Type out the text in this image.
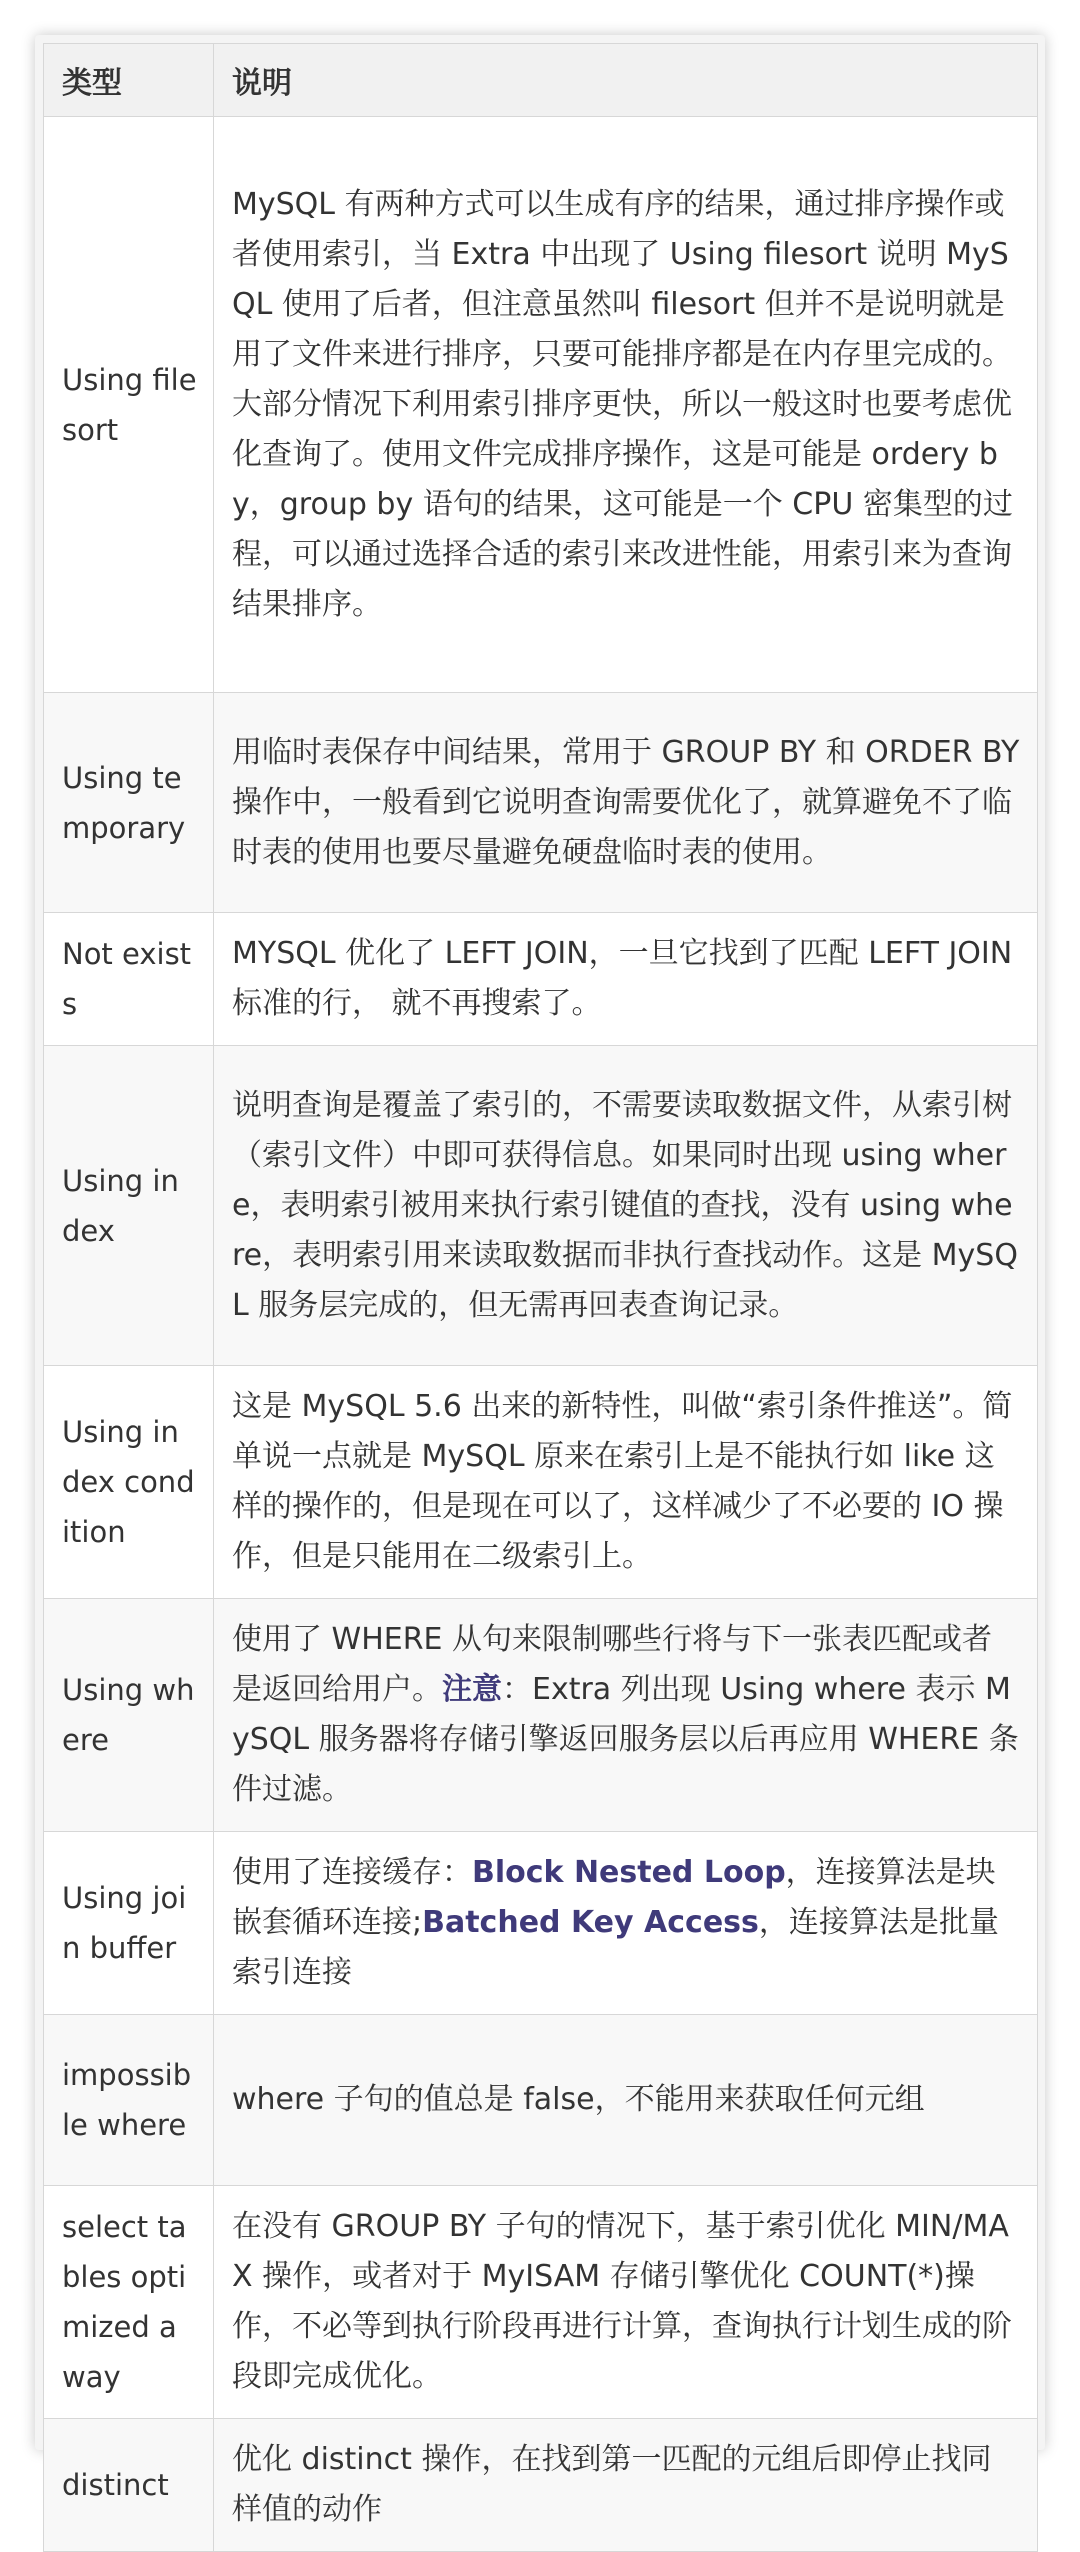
类型	说明
Using filesort	MySQL 有两种方式可以生成有序的结果，通过排序操作或者使用索引，当 Extra 中出现了 Using filesort 说明 MySQL 使用了后者，但注意虽然叫 filesort 但并不是说明就是用了文件来进行排序，只要可能排序都是在内存里完成的。大部分情况下利用索引排序更快，所以一般这时也要考虑优化查询了。使用文件完成排序操作，这是可能是 ordery by，group by 语句的结果，这可能是一个 CPU 密集型的过程，可以通过选择合适的索引来改进性能，用索引来为查询结果排序。
Using temporary	用临时表保存中间结果，常用于 GROUP BY 和 ORDER BY 操作中，一般看到它说明查询需要优化了，就算避免不了临时表的使用也要尽量避免硬盘临时表的使用。
Not exists	MYSQL 优化了 LEFT JOIN，一旦它找到了匹配 LEFT JOIN 标准的行， 就不再搜索了。
Using index	说明查询是覆盖了索引的，不需要读取数据文件，从索引树（索引文件）中即可获得信息。如果同时出现 using where，表明索引被用来执行索引键值的查找，没有 using where，表明索引用来读取数据而非执行查找动作。这是 MySQL 服务层完成的，但无需再回表查询记录。
Using index condition	这是 MySQL 5.6 出来的新特性，叫做“索引条件推送”。简单说一点就是 MySQL 原来在索引上是不能执行如 like 这样的操作的，但是现在可以了，这样减少了不必要的 IO 操作，但是只能用在二级索引上。
Using where	使用了 WHERE 从句来限制哪些行将与下一张表匹配或者是返回给用户。注意：Extra 列出现 Using where 表示 MySQL 服务器将存储引擎返回服务层以后再应用 WHERE 条件过滤。
Using join buffer	使用了连接缓存：Block Nested Loop，连接算法是块嵌套循环连接;Batched Key Access，连接算法是批量索引连接
impossible where	where 子句的值总是 false，不能用来获取任何元组
select tables optimized away	在没有 GROUP BY 子句的情况下，基于索引优化 MIN/MAX 操作，或者对于 MyISAM 存储引擎优化 COUNT(*)操作，不必等到执行阶段再进行计算，查询执行计划生成的阶段即完成优化。
distinct	优化 distinct 操作，在找到第一匹配的元组后即停止找同样值的动作
